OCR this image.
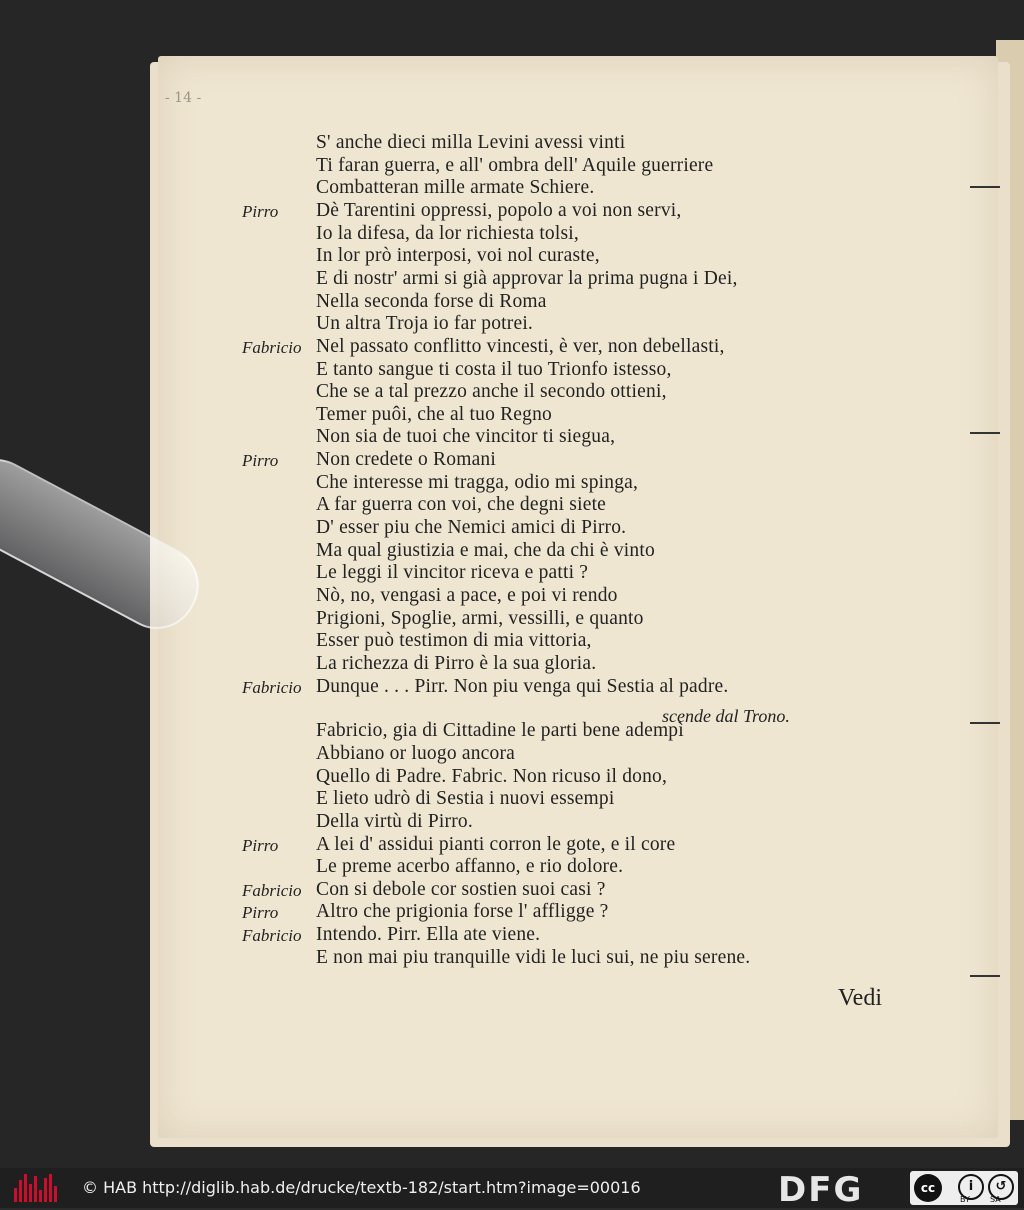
- 14 -
S' anche dieci milla Levini avessi vinti
Ti faran guerra, e all' ombra dell' Aquile guerriere
Combatteran mille armate Schiere.
Pirro Dè Tarentini oppressi, popolo a voi non servi,
Io la difesa, da lor richiesta tolsi,
In lor prò interposi, voi nol curaste,
E di nostr' armi si già approvar la prima pugna i Dei,
Nella seconda forse di Roma
Un altra Troja io far potrei.
Fabricio Nel passato conflitto vincesti, è ver, non debellasti,
E tanto sangue ti costa il tuo Trionfo istesso,
Che se a tal prezzo anche il secondo ottieni,
Temer puôi, che al tuo Regno
Non sia de tuoi che vincitor ti siegua,
Pirro Non credete o Romani
Che interesse mi tragga, odio mi spinga,
A far guerra con voi, che degni siete
D' esser piu che Nemici amici di Pirro.
Ma qual giustizia e mai, che da chi è vinto
Le leggi il vincitor riceva e patti ?
Nò, no, vengasi a pace, e poi vi rendo
Prigioni, Spoglie, armi, vessilli, e quanto
Esser può testimon di mia vittoria,
La richezza di Pirro è la sua gloria.
Fabricio Dunque . . . Pirr. Non piu venga qui Sestia al padre.
Fabricio, gia di Cittadine le parti bene adempì
Abbiano or luogo ancora
Quello di Padre. Fabric. Non ricuso il dono,
E lieto udrò di Sestia i nuovi essempi
Della virtù di Pirro.
Pirro A lei d' assidui pianti corron le gote, e il core
Le preme acerbo affanno, e rio dolore.
Fabricio Con si debole cor sostien suoi casi ?
Pirro Altro che prigionia forse l' affligge ?
Fabricio Intendo. Pirr. Ella ate viene.
E non mai piu tranquille vidi le luci sui, ne piu serene.
scende dal Trono.
Vedi
© HAB http://diglib.hab.de/drucke/textb-182/start.htm?image=00016	DFG	cc	i	↺
BY	SA
